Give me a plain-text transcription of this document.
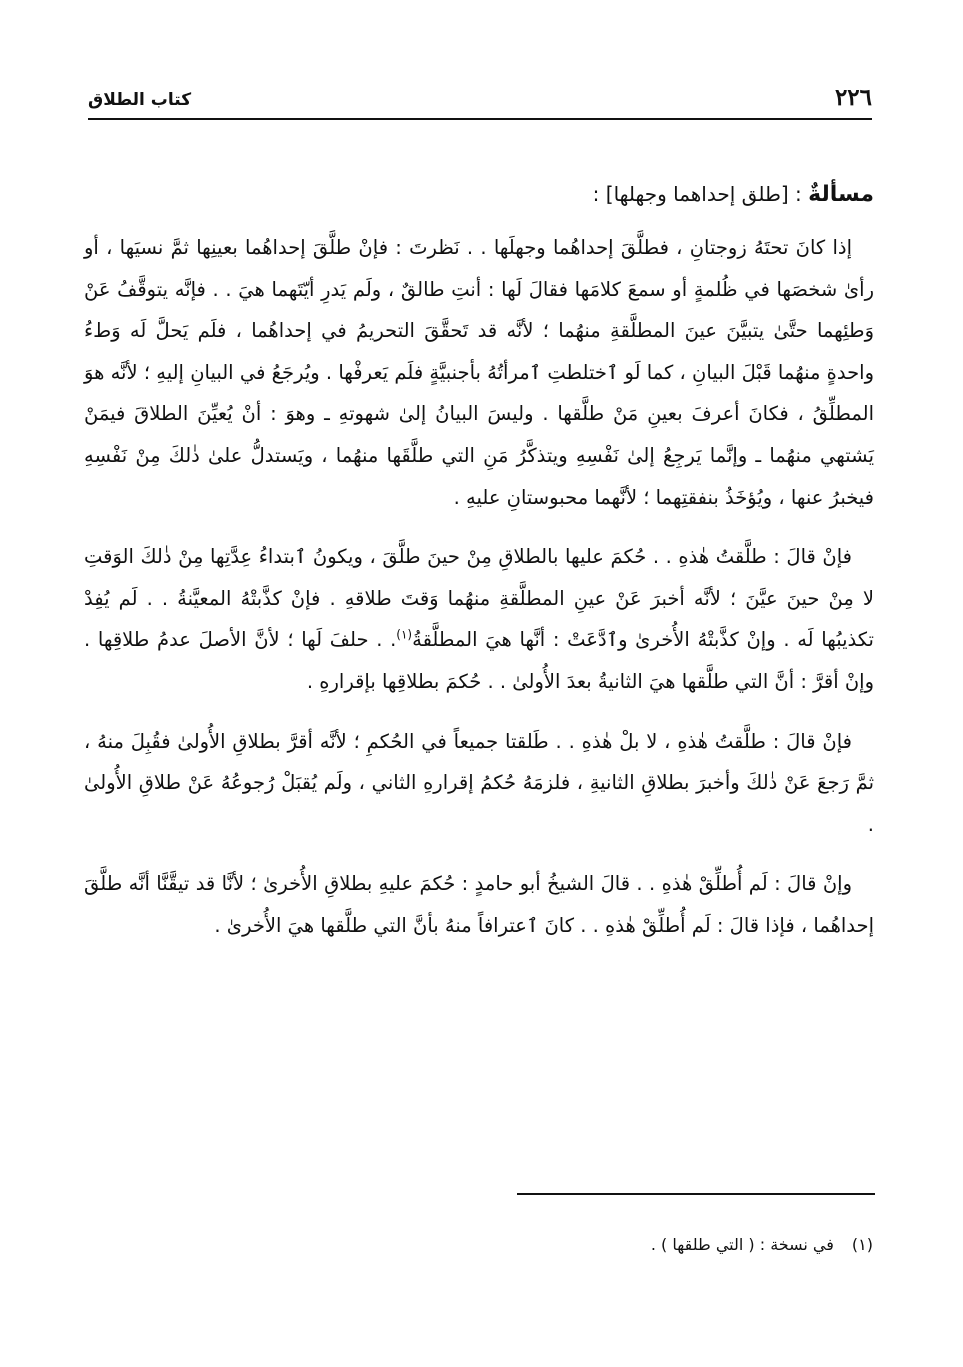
٢٢٦
كتاب الطلاق
مسألةٌ : [طلق إحداهما وجهلها] :

إذا كانَ تحتَهُ زوجتانِ ، فطلَّقَ إحداهُما وجهلَها . . نَظرتَ : فإنْ طلَّقَ إحداهُما بعينِها ثمَّ نسيَها ، أو رأىٰ شخصَها في ظُلمةٍ أو سمعَ كلامَها فقالَ لَها : أنتِ طالقٌ ، ولَم يَدرِ أيّتَهما هيَ . . فإنَّه يتوقَّفُ عَنْ وَطئِهما حتَّىٰ يتبيَّنَ عينَ المطلَّقةِ منهُما ؛ لأنَّه قد تَحقَّقَ التحريمُ في إحداهُما ، فلَم يَحلَّ لَه وَطءُ واحدةٍ منهُما قَبْلَ البيانِ ، كما لَو ٱختلطتِ ٱمرأتُهُ بأجنبيَّةٍ فلَم يَعرفْها . ويُرجَعُ في البيانِ إليهِ ؛ لأنَّه هوَ المطلِّقُ ، فكانَ أعرفَ بعينِ مَنْ طلَّقها . وليسَ البيانُ إلىٰ شهوتهِ ـ وهوَ : أنْ يُعيِّنَ الطلاقَ فيمَنْ يَشتهي منهُما ـ وإنَّما يَرجِعُ إلىٰ نَفْسِهِ ويتذكَّرُ مَنِ التي طلَّقَها منهُما ، ويَستدلُّ علىٰ ذٰلكَ مِنْ نَفْسِهِ فيخبرُ عنها ، ويُؤخَذُ بنفقتِهما ؛ لأنَّهما محبوستانِ عليهِ .

فإنْ قالَ : طلَّقتُ هٰذهِ . . حُكمَ عليها بالطلاقِ مِنْ حينَ طلَّقَ ، ويكونُ ٱبتداءُ عِدَّتِها مِنْ ذٰلكَ الوَقتِ لا مِنْ حينَ عيَّنَ ؛ لأنَّه أخبرَ عَنْ عينِ المطلَّقةِ منهُما وَقتَ طلاقهِ . فإنْ كذَّبتْهُ المعيَّنةُ . . لَم يُفِدْ تكذيبُها لَه . وإنْ كذَّبتْهُ الأُخرىٰ وٱدَّعَتْ : أنَّها هيَ المطلَّقةُ$^{(١)}$. . حلفَ لَها ؛ لأنَّ الأصلَ عدمُ طلاقِها . وإنْ أقرَّ : أنَّ التي طلَّقها هيَ الثانيةُ بعدَ الأُولىٰ . . حُكمَ بطلاقِها بإقرارهِ .

فإنْ قالَ : طلَّقتُ هٰذهِ ، لا بلْ هٰذهِ . . طَلقتا جميعاً في الحُكمِ ؛ لأنَّه أقرَّ بطلاقِ الأُولىٰ فقُبِلَ منهُ ، ثمَّ رَجعَ عَنْ ذٰلكَ وأخبرَ بطلاقِ الثانيةِ ، فلزمَهُ حُكمُ إقرارهِ الثاني ، ولَم يُقبَلْ رُجوعُهُ عَنْ طلاقِ الأُولىٰ .

وإنْ قالَ : لَم أُطلِّقْ هٰذهِ . . قالَ الشيخُ أبو حامدٍ : حُكمَ عليهِ بطلاقِ الأُخرىٰ ؛ لأنَّا قد تيقَّنَّا أنَّه طلَّقَ إحداهُما ، فإذا قالَ : لَم أُطلِّقْ هٰذهِ . . كانَ ٱعترافاً منهُ بأنَّ التي طلَّقها هيَ الأُخرىٰ .

(١)في نسخة : ( التي طلقها ) .
